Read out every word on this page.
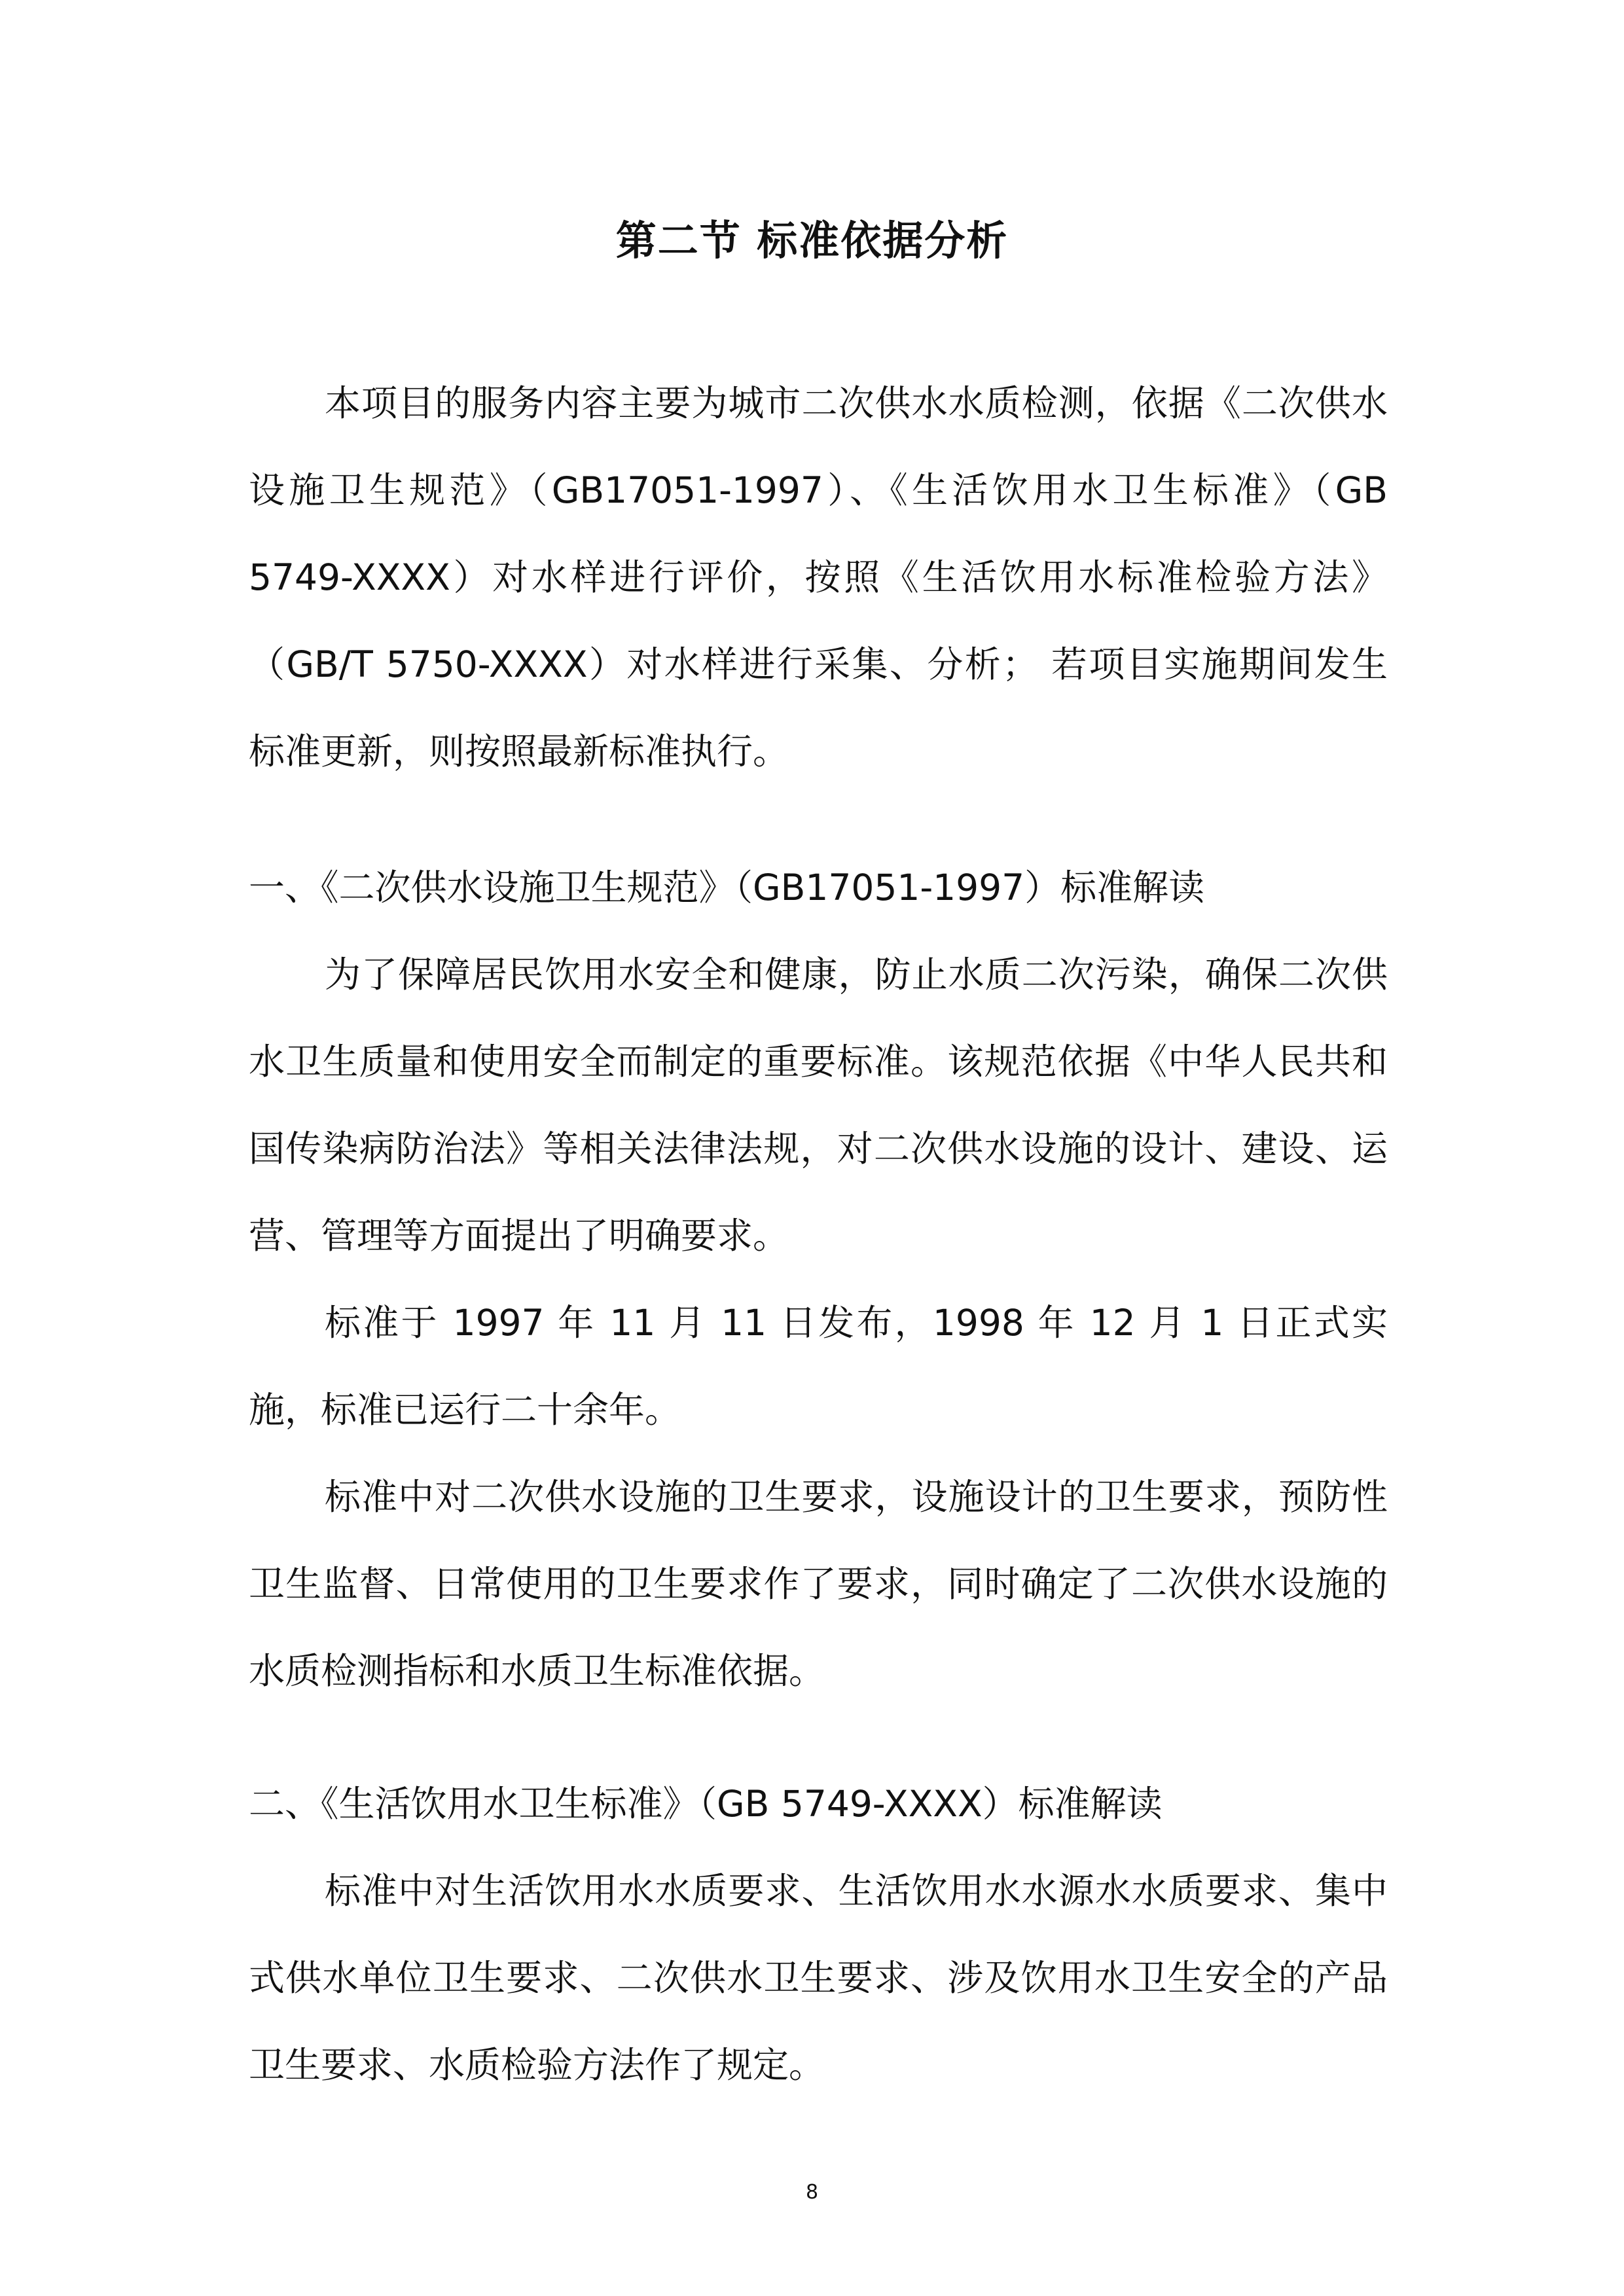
第二节 标准依据分析

本项目的服务内容主要为城市二次供水水质检测，依据《二次供水设施卫生规范》（GB17051-1997）、《生活饮用水卫生标准》（GB 5749-XXXX）对水样进行评价，按照《生活饮用水标准检验方法》（GB/T 5750-XXXX）对水样进行采集、分析； 若项目实施期间发生标准更新，则按照最新标准执行。

一、《二次供水设施卫生规范》（GB17051-1997）标准解读

为了保障居民饮用水安全和健康，防止水质二次污染，确保二次供水卫生质量和使用安全而制定的重要标准。该规范依据《中华人民共和国传染病防治法》等相关法律法规，对二次供水设施的设计、建设、运营、管理等方面提出了明确要求。

标准于 1997 年 11 月 11 日发布，1998 年 12 月 1 日正式实施，标准已运行二十余年。

标准中对二次供水设施的卫生要求，设施设计的卫生要求，预防性卫生监督、日常使用的卫生要求作了要求，同时确定了二次供水设施的水质检测指标和水质卫生标准依据。

二、《生活饮用水卫生标准》（GB 5749-XXXX）标准解读

标准中对生活饮用水水质要求、生活饮用水水源水水质要求、集中式供水单位卫生要求、二次供水卫生要求、涉及饮用水卫生安全的产品卫生要求、水质检验方法作了规定。

8
